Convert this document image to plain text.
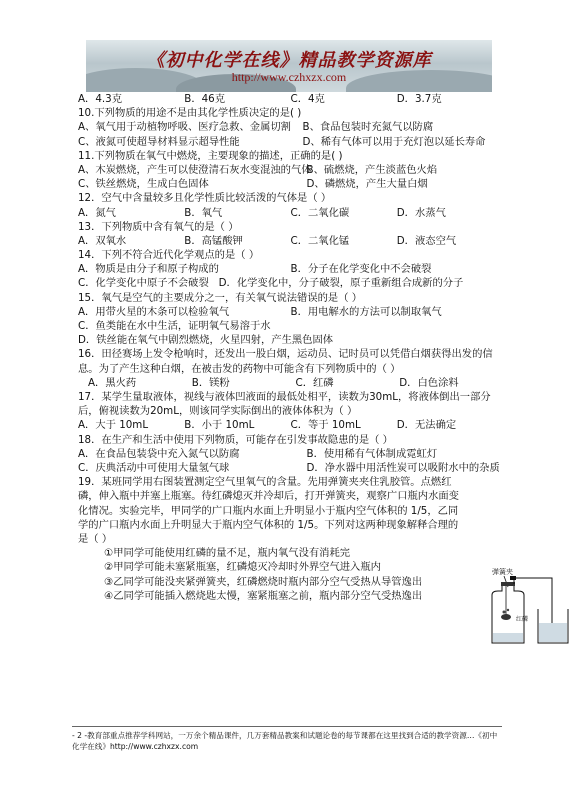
《初中化学在线》精品教学资源库
http://www.czhxzx.com
A．4.3克	B．46克	C．4克	D．3.7克
10.下列物质的用途不是由其化学性质决定的是( )
A、氧气用于动植物呼吸、医疗急救、金属切割 B、食品包装时充氮气以防腐
C、液氮可使超导材料显示超导性能	D、稀有气体可以用于充灯泡以延长寿命
11.下列物质在氧气中燃烧，主要现象的描述，正确的是( )
A、木炭燃烧，产生可以使澄清石灰水变混浊的气体B、硫燃烧，产生淡蓝色火焰
C、铁丝燃烧，生成白色固体	D、磷燃烧，产生大量白烟
12．空气中含量较多且化学性质比较活泼的气体是（ ）
A．氮气	B．氧气	C．二氧化碳	D．水蒸气
13．下列物质中含有氧气的是（ ）
A．双氧水	B．高锰酸钾	C．二氧化锰	D．液态空气
14．下列不符合近代化学观点的是（ ）
A．物质是由分子和原子构成的	B．分子在化学变化中不会破裂
C．化学变化中原子不会破裂 D．化学变化中，分子破裂，原子重新组合成新的分子
15．氧气是空气的主要成分之一，有关氧气说法错误的是（ ）
A．用带火星的木条可以检验氧气	B．用电解水的方法可以制取氧气
C．鱼类能在水中生活，证明氧气易溶于水
D．铁丝能在氧气中剧烈燃烧，火星四射，产生黑色固体
16．田径赛场上发令枪响时，还发出一股白烟，运动员、记时员可以凭借白烟获得出发的信息。为了产生这种白烟，在被击发的药物中可能含有下列物质中的（ ）
A．黑火药	B．镁粉	C．红磷	D．白色涂料
17．某学生量取液体，视线与液体凹液面的最低处相平，读数为30mL，将液体倒出一部分后，俯视读数为20mL，则该同学实际倒出的液体体积为（ ）
A．大于 10mL	B．小于 10mL	C．等于 10mL	D．无法确定
18．在生产和生活中使用下列物质，可能存在引发事故隐患的是（ ）
A．在食品包装袋中充入氮气以防腐	B．使用稀有气体制成霓虹灯
C．庆典活动中可使用大量氢气球	D．净水器中用活性炭可以吸附水中的杂质
19．某班同学用右图装置测定空气里氧气的含量。先用弹簧夹夹住乳胶管。点燃红磷，伸入瓶中并塞上瓶塞。待红磷熄灭并冷却后，打开弹簧夹，观察广口瓶内水面变化情况。实验完毕，甲同学的广口瓶内水面上升明显小于瓶内空气体积的 1/5，乙同学的广口瓶内水面上升明显大于瓶内空气体积的 1/5。下列对这两种现象解释合理的是（ ）
①甲同学可能使用红磷的量不足，瓶内氧气没有消耗完
②甲同学可能未塞紧瓶塞，红磷熄灭冷却时外界空气进入瓶内
③乙同学可能没夹紧弹簧夹，红磷燃烧时瓶内部分空气受热从导管逸出
④乙同学可能插入燃烧匙太慢，塞紧瓶塞之前，瓶内部分空气受热逸出
弹簧夹
红磷
- 2 -教育部重点推荐学科网站，一万余个精品课件，几万套精品教案和试题论卷的每节课都在这里找到合适的教学资源…《初中化学在线》http://www.czhxzx.com
